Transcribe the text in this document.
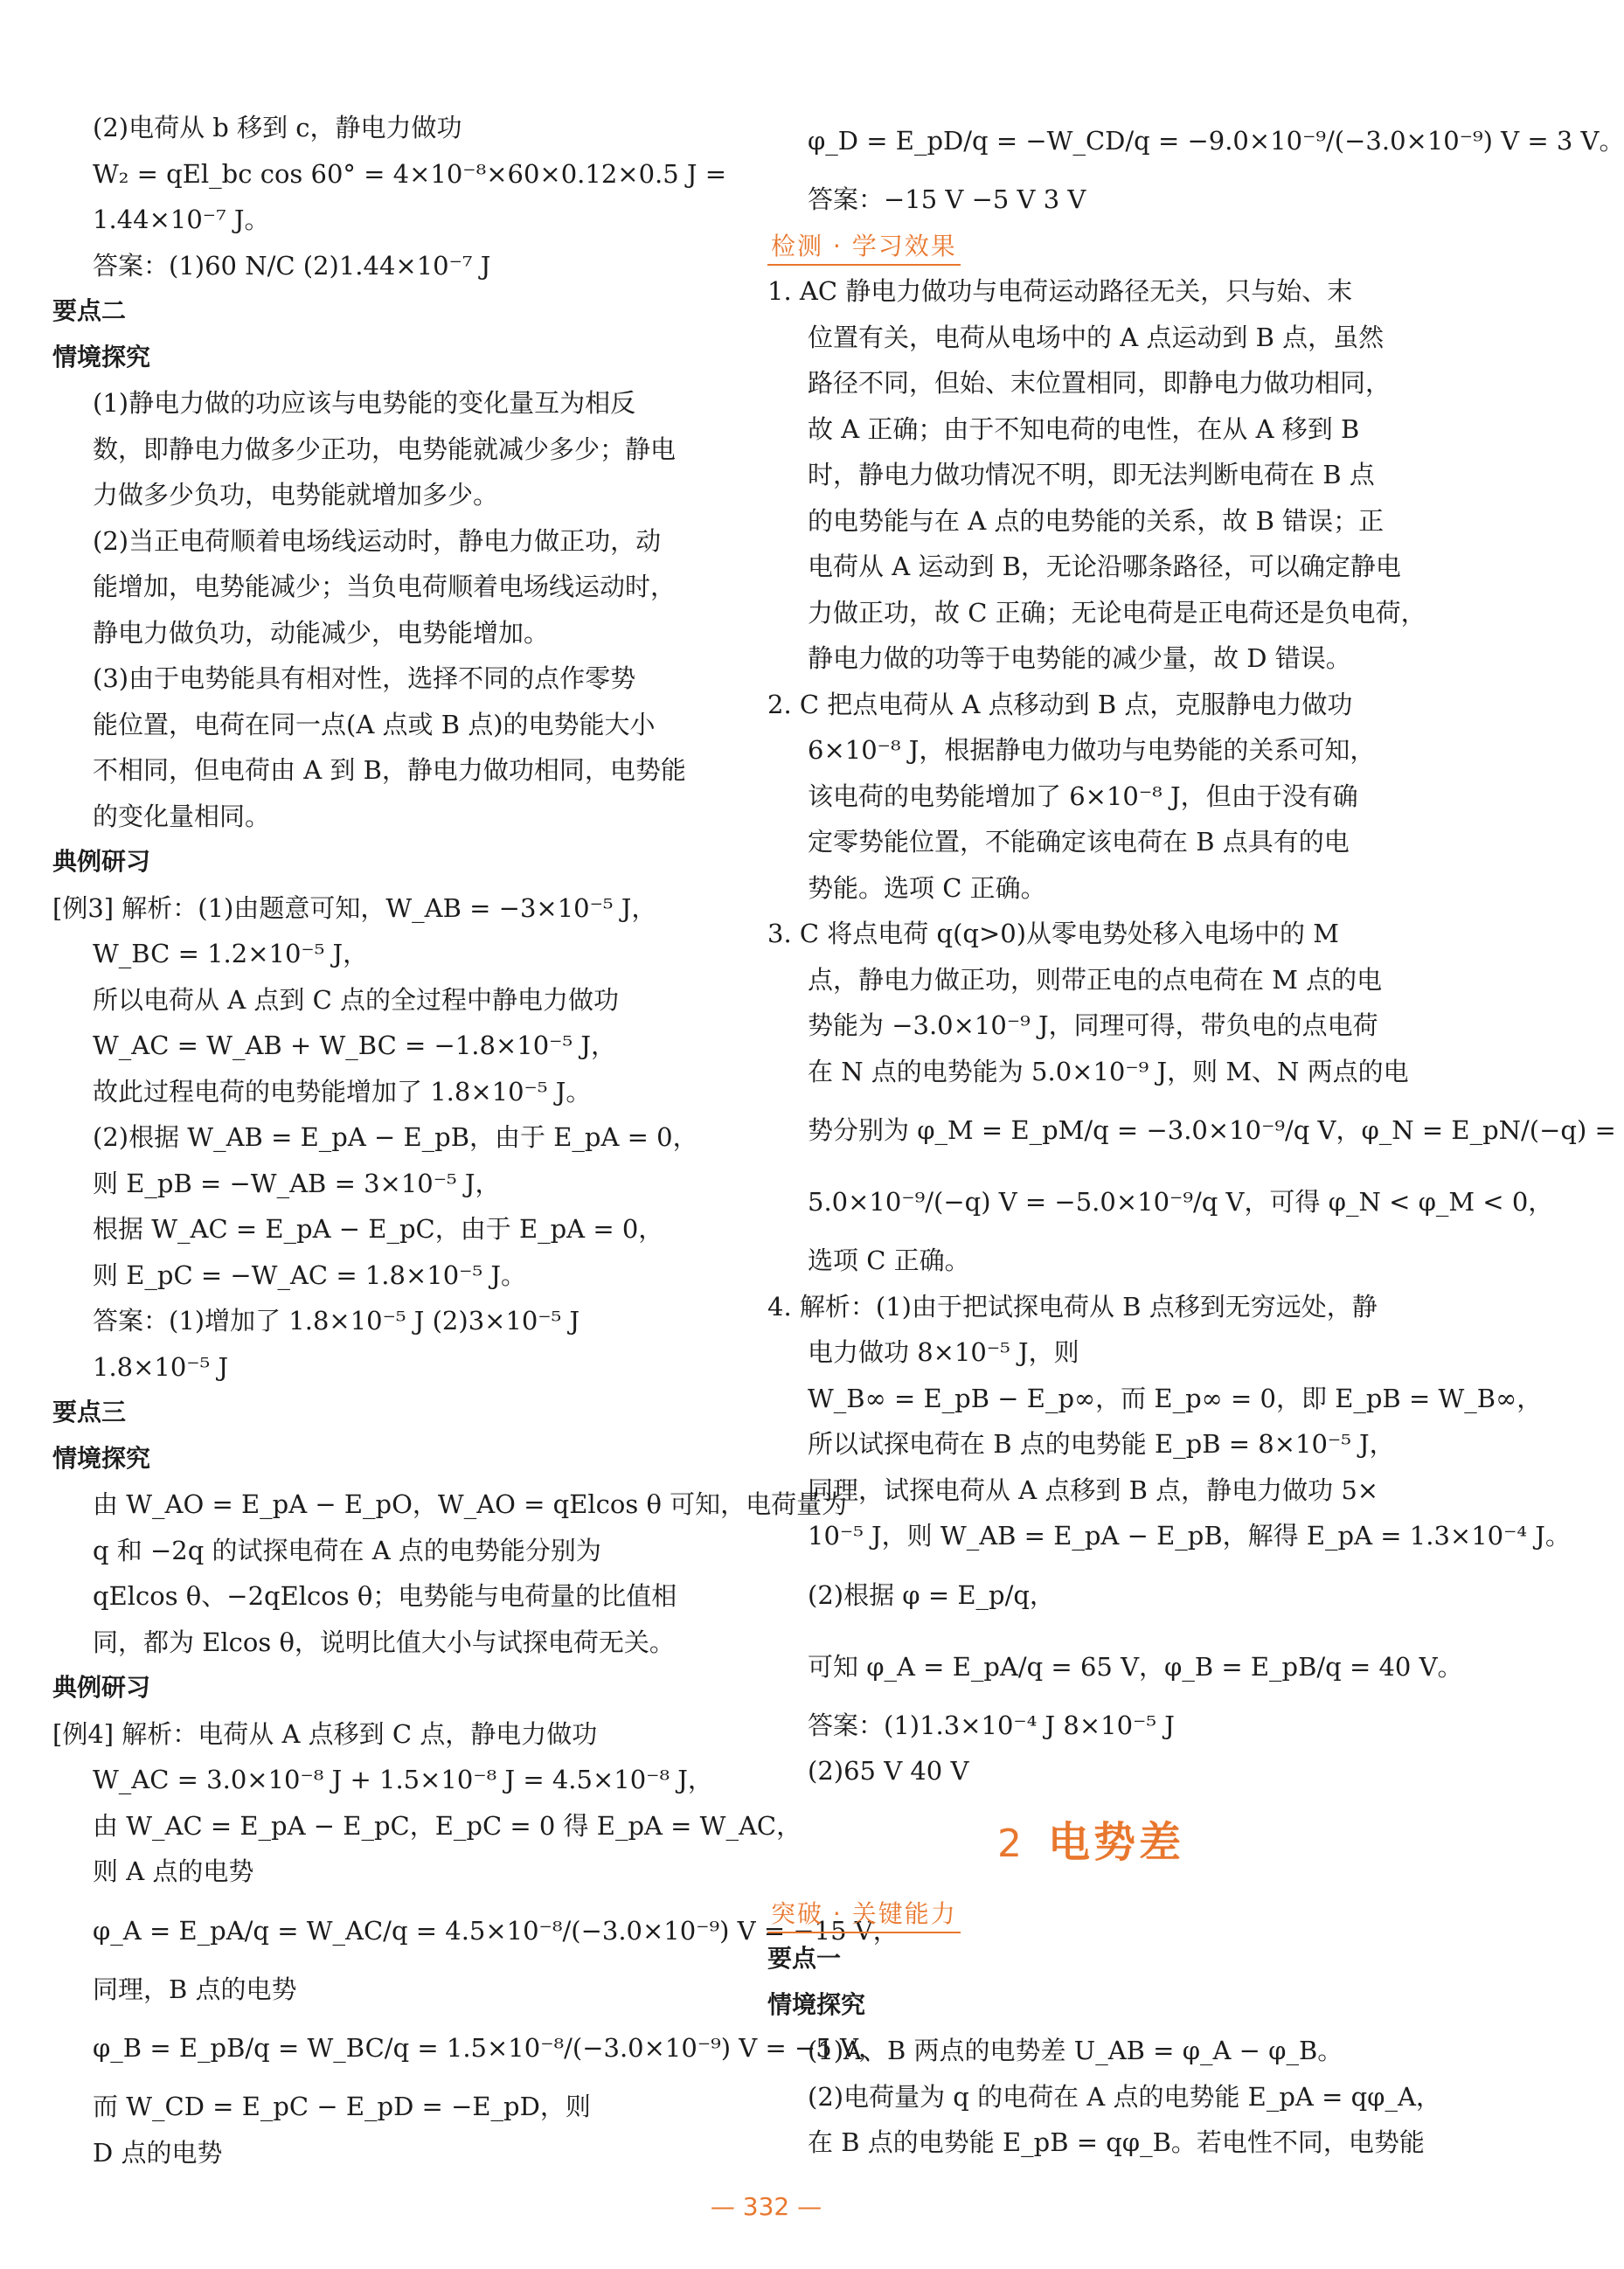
(2)电荷从 b 移到 c，静电力做功
W₂ = qEl_bc cos 60° = 4×10⁻⁸×60×0.12×0.5 J =
1.44×10⁻⁷ J。
答案：(1)60 N/C (2)1.44×10⁻⁷ J
要点二
情境探究
(1)静电力做的功应该与电势能的变化量互为相反
数，即静电力做多少正功，电势能就减少多少；静电
力做多少负功，电势能就增加多少。
(2)当正电荷顺着电场线运动时，静电力做正功，动
能增加，电势能减少；当负电荷顺着电场线运动时，
静电力做负功，动能减少，电势能增加。
(3)由于电势能具有相对性，选择不同的点作零势
能位置，电荷在同一点(A 点或 B 点)的电势能大小
不相同，但电荷由 A 到 B，静电力做功相同，电势能
的变化量相同。
典例研习
[例3] 解析：(1)由题意可知，W_AB = −3×10⁻⁵ J，
W_BC = 1.2×10⁻⁵ J，
所以电荷从 A 点到 C 点的全过程中静电力做功
W_AC = W_AB + W_BC = −1.8×10⁻⁵ J，
故此过程电荷的电势能增加了 1.8×10⁻⁵ J。
(2)根据 W_AB = E_pA − E_pB，由于 E_pA = 0，
则 E_pB = −W_AB = 3×10⁻⁵ J，
根据 W_AC = E_pA − E_pC，由于 E_pA = 0，
则 E_pC = −W_AC = 1.8×10⁻⁵ J。
答案：(1)增加了 1.8×10⁻⁵ J (2)3×10⁻⁵ J
1.8×10⁻⁵ J
要点三
情境探究
由 W_AO = E_pA − E_pO，W_AO = qElcos θ 可知，电荷量为
q 和 −2q 的试探电荷在 A 点的电势能分别为
qElcos θ、−2qElcos θ；电势能与电荷量的比值相
同，都为 Elcos θ，说明比值大小与试探电荷无关。
典例研习
[例4] 解析：电荷从 A 点移到 C 点，静电力做功
W_AC = 3.0×10⁻⁸ J + 1.5×10⁻⁸ J = 4.5×10⁻⁸ J，
由 W_AC = E_pA − E_pC，E_pC = 0 得 E_pA = W_AC，
则 A 点的电势
φ_A = E_pA/q = W_AC/q = 4.5×10⁻⁸/(−3.0×10⁻⁹) V = −15 V，
同理，B 点的电势
φ_B = E_pB/q = W_BC/q = 1.5×10⁻⁸/(−3.0×10⁻⁹) V = −5 V，
而 W_CD = E_pC − E_pD = −E_pD，则
D 点的电势
φ_D = E_pD/q = −W_CD/q = −9.0×10⁻⁹/(−3.0×10⁻⁹) V = 3 V。
答案：−15 V −5 V 3 V
检测 · 学习效果
1. AC 静电力做功与电荷运动路径无关，只与始、末
位置有关，电荷从电场中的 A 点运动到 B 点，虽然
路径不同，但始、末位置相同，即静电力做功相同，
故 A 正确；由于不知电荷的电性，在从 A 移到 B
时，静电力做功情况不明，即无法判断电荷在 B 点
的电势能与在 A 点的电势能的关系，故 B 错误；正
电荷从 A 运动到 B，无论沿哪条路径，可以确定静电
力做正功，故 C 正确；无论电荷是正电荷还是负电荷，
静电力做的功等于电势能的减少量，故 D 错误。
2. C 把点电荷从 A 点移动到 B 点，克服静电力做功
6×10⁻⁸ J，根据静电力做功与电势能的关系可知，
该电荷的电势能增加了 6×10⁻⁸ J，但由于没有确
定零势能位置，不能确定该电荷在 B 点具有的电
势能。选项 C 正确。
3. C 将点电荷 q(q>0)从零电势处移入电场中的 M
点，静电力做正功，则带正电的点电荷在 M 点的电
势能为 −3.0×10⁻⁹ J，同理可得，带负电的点电荷
在 N 点的电势能为 5.0×10⁻⁹ J，则 M、N 两点的电
势分别为 φ_M = E_pM/q = −3.0×10⁻⁹/q V，φ_N = E_pN/(−q) =
5.0×10⁻⁹/(−q) V = −5.0×10⁻⁹/q V，可得 φ_N < φ_M < 0，
选项 C 正确。
4. 解析：(1)由于把试探电荷从 B 点移到无穷远处，静
电力做功 8×10⁻⁵ J，则
W_B∞ = E_pB − E_p∞，而 E_p∞ = 0，即 E_pB = W_B∞，
所以试探电荷在 B 点的电势能 E_pB = 8×10⁻⁵ J，
同理，试探电荷从 A 点移到 B 点，静电力做功 5×
10⁻⁵ J，则 W_AB = E_pA − E_pB，解得 E_pA = 1.3×10⁻⁴ J。
(2)根据 φ = E_p/q，
可知 φ_A = E_pA/q = 65 V，φ_B = E_pB/q = 40 V。
答案：(1)1.3×10⁻⁴ J 8×10⁻⁵ J
(2)65 V 40 V
2 电势差
突破 · 关键能力
要点一
情境探究
(1)A、B 两点的电势差 U_AB = φ_A − φ_B。
(2)电荷量为 q 的电荷在 A 点的电势能 E_pA = qφ_A，
在 B 点的电势能 E_pB = qφ_B。若电性不同，电势能
— 332 —
